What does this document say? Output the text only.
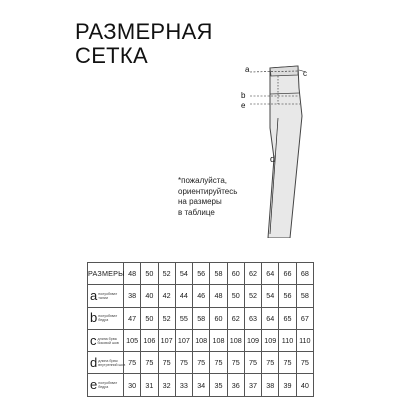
РАЗМЕРНАЯ
СЕТКА
a	c
b
e
d
*пожалуйста,
ориентируйтесь
на размеры
в таблице
РАЗМЕРЫ	48	50	52	54	56	58	60	62	64	66	68
aполуобхват талии	38	40	42	44	46	48	50	52	54	56	58
bполуобхват бедра	47	50	52	55	58	60	62	63	64	65	67
cдлина брюк боковой шов	105	106	107	107	108	108	108	109	109	110	110
dдлина брюк внутренний шов	75	75	75	75	75	75	75	75	75	75	75
eполуобхват бедра	30	31	32	33	34	35	36	37	38	39	40
